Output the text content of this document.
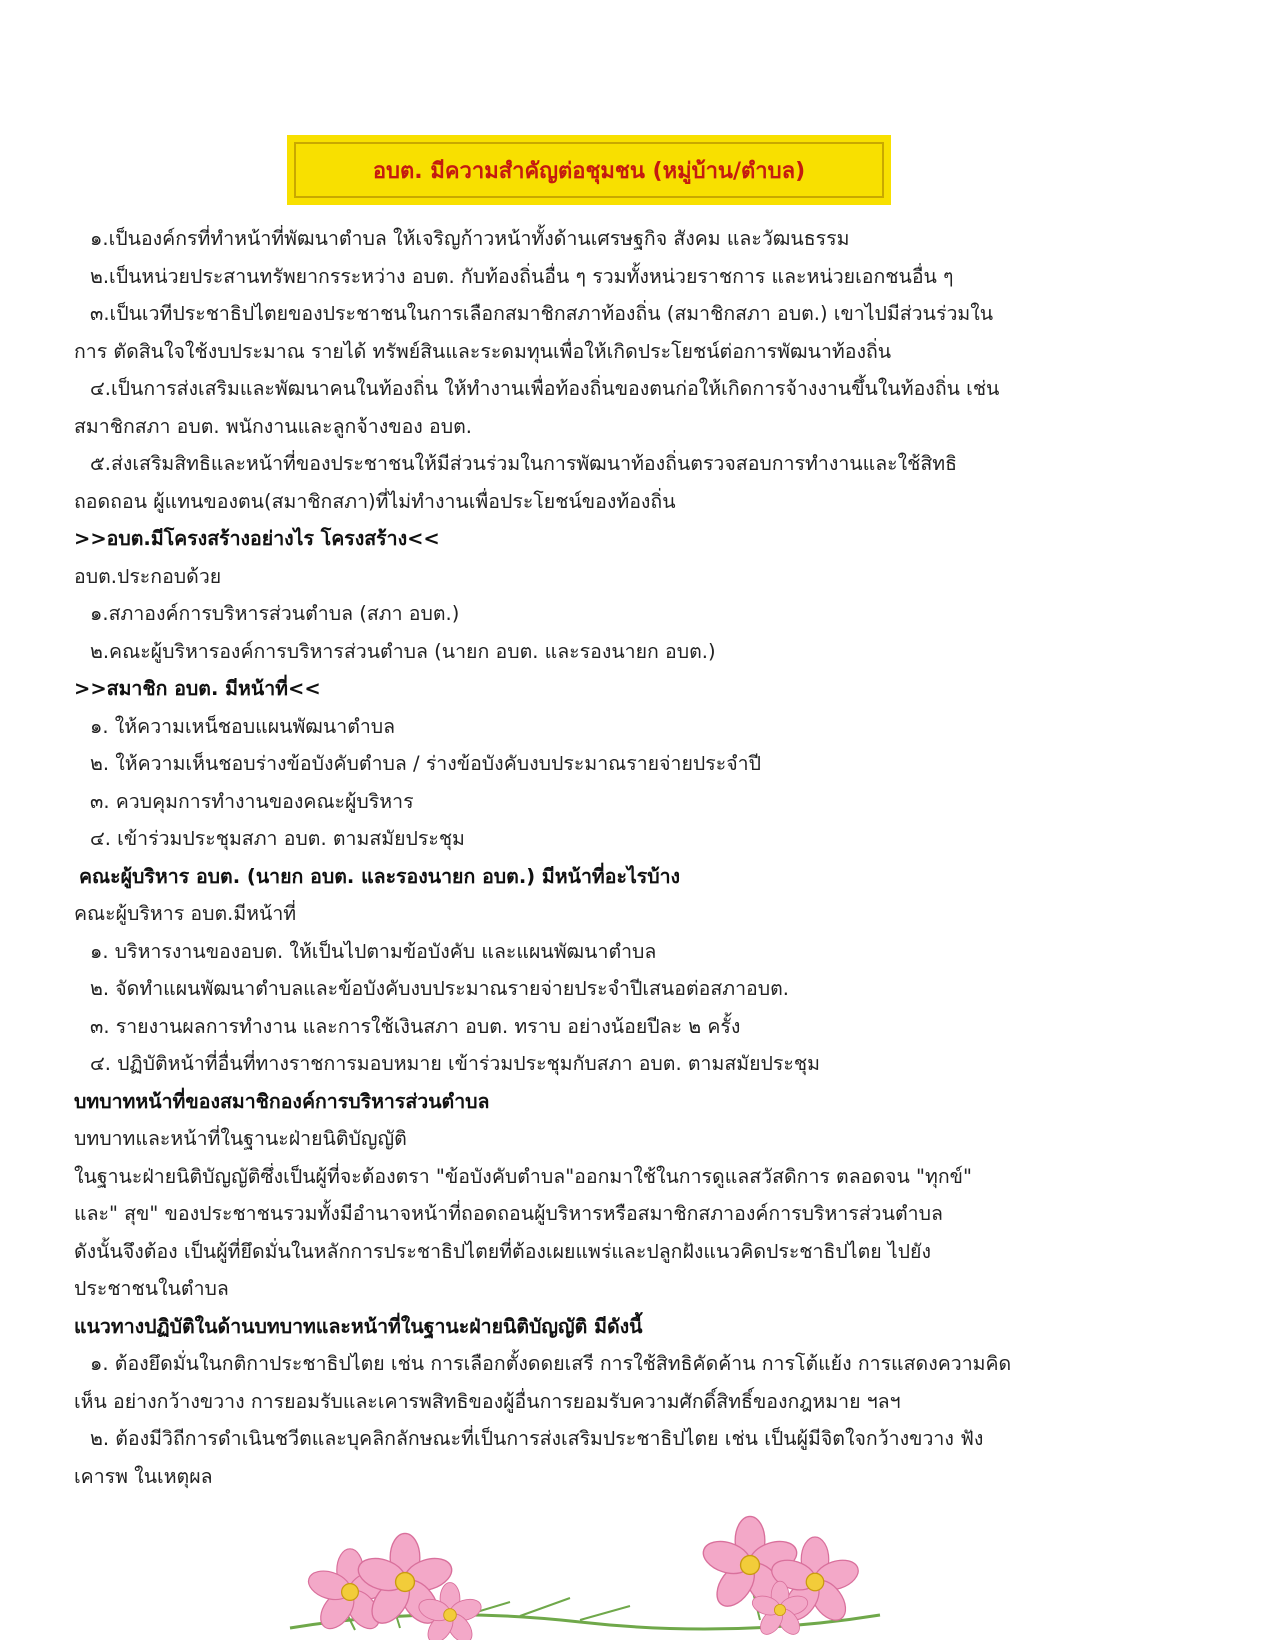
อบต. มีความสำคัญต่อชุมชน (หมู่บ้าน/ตำบล)
๑.เป็นองค์กรที่ทำหน้าที่พัฒนาตำบล ให้เจริญก้าวหน้าทั้งด้านเศรษฐกิจ สังคม และวัฒนธรรม
๒.เป็นหน่วยประสานทรัพยากรระหว่าง อบต. กับท้องถิ่นอื่น ๆ รวมทั้งหน่วยราชการ และหน่วยเอกชนอื่น ๆ
๓.เป็นเวทีประชาธิปไตยของประชาชนในการเลือกสมาชิกสภาท้องถิ่น (สมาชิกสภา อบต.) เขาไปมีส่วนร่วมใน
การ ตัดสินใจใช้งบประมาณ รายได้ ทรัพย์สินและระดมทุนเพื่อให้เกิดประโยชน์ต่อการพัฒนาท้องถิ่น
๔.เป็นการส่งเสริมและพัฒนาคนในท้องถิ่น ให้ทำงานเพื่อท้องถิ่นของตนก่อให้เกิดการจ้างงานขึ้นในท้องถิ่น เช่น
สมาชิกสภา อบต. พนักงานและลูกจ้างของ อบต.
๕.ส่งเสริมสิทธิและหน้าที่ของประชาชนให้มีส่วนร่วมในการพัฒนาท้องถิ่นตรวจสอบการทำงานและใช้สิทธิ
ถอดถอน ผู้แทนของตน(สมาชิกสภา)ที่ไม่ทำงานเพื่อประโยชน์ของท้องถิ่น
>>อบต.มีโครงสร้างอย่างไร โครงสร้าง<<
อบต.ประกอบด้วย
๑.สภาองค์การบริหารส่วนตำบล (สภา อบต.)
๒.คณะผู้บริหารองค์การบริหารส่วนตำบล (นายก อบต. และรองนายก อบต.)
>>สมาชิก อบต. มีหน้าที่<<
๑. ให้ความเหน็ชอบแผนพัฒนาตำบล
๒. ให้ความเห็นชอบร่างข้อบังคับตำบล / ร่างข้อบังคับงบประมาณรายจ่ายประจำปี
๓. ควบคุมการทำงานของคณะผู้บริหาร
๔. เข้าร่วมประชุมสภา อบต. ตามสมัยประชุม
คณะผู้บริหาร อบต. (นายก อบต. และรองนายก อบต.) มีหน้าที่อะไรบ้าง
คณะผู้บริหาร อบต.มีหน้าที่
๑. บริหารงานของอบต. ให้เป็นไปตามข้อบังคับ และแผนพัฒนาตำบล
๒. จัดทำแผนพัฒนาตำบลและข้อบังคับงบประมาณรายจ่ายประจำปีเสนอต่อสภาอบต.
๓. รายงานผลการทำงาน และการใช้เงินสภา อบต. ทราบ อย่างน้อยปีละ ๒ ครั้ง
๔. ปฏิบัติหน้าที่อื่นที่ทางราชการมอบหมาย เข้าร่วมประชุมกับสภา อบต. ตามสมัยประชุม
บทบาทหน้าที่ของสมาชิกองค์การบริหารส่วนตำบล
บทบาทและหน้าที่ในฐานะฝ่ายนิติบัญญัติ
ในฐานะฝ่ายนิติบัญญัติซึ่งเป็นผู้ที่จะต้องตรา "ข้อบังคับตำบล"ออกมาใช้ในการดูแลสวัสดิการ ตลอดจน "ทุกข์"
และ" สุข" ของประชาชนรวมทั้งมีอำนาจหน้าที่ถอดถอนผู้บริหารหรือสมาชิกสภาองค์การบริหารส่วนตำบล
ดังนั้นจึงต้อง เป็นผู้ที่ยึดมั่นในหลักการประชาธิปไตยที่ต้องเผยแพร่และปลูกฝังแนวคิดประชาธิปไตย ไปยัง
ประชาชนในตำบล
แนวทางปฏิบัติในด้านบทบาทและหน้าที่ในฐานะฝ่ายนิติบัญญัติ มีดังนี้
๑. ต้องยึดมั่นในกติกาประชาธิปไตย เช่น การเลือกตั้งดดยเสรี การใช้สิทธิคัดค้าน การโต้แย้ง การแสดงความคิด
เห็น อย่างกว้างขวาง การยอมรับและเคารพสิทธิของผู้อื่นการยอมรับความศักดิ์สิทธิ์ของกฎหมาย ฯลฯ
๒. ต้องมีวิถีการดำเนินชวีตและบุคลิกลักษณะที่เป็นการส่งเสริมประชาธิปไตย เช่น เป็นผู้มีจิตใจกว้างขวาง ฟัง
เคารพ ในเหตุผล
